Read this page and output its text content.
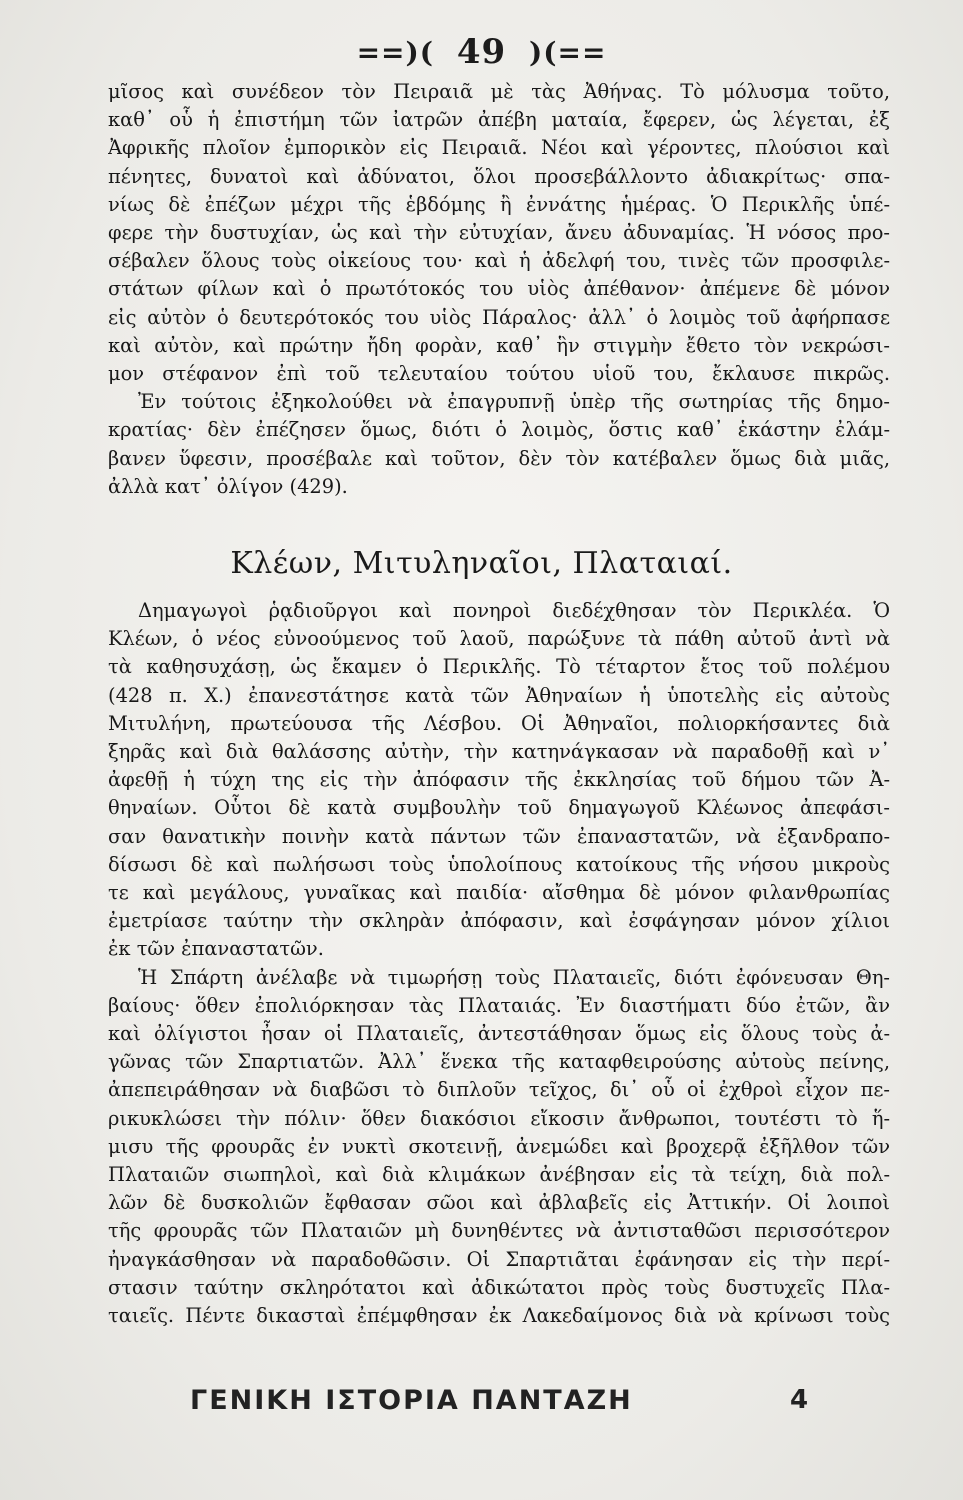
==)( 49 )(==
μῖσος καὶ συνέδεον τὸν Πειραιᾶ μὲ τὰς Ἀθήνας. Τὸ μόλυσμα τοῦτο,
καθ᾽ οὗ ἡ ἐπιστήμη τῶν ἰατρῶν ἀπέβη ματαία, ἔφερεν, ὡς λέγεται, ἐξ
Ἀφρικῆς πλοῖον ἐμπορικὸν εἰς Πειραιᾶ. Νέοι καὶ γέροντες, πλούσιοι καὶ
πένητες, δυνατοὶ καὶ ἀδύνατοι, ὅλοι προσεβάλλοντο ἀδιακρίτως· σπα-
νίως δὲ ἐπέζων μέχρι τῆς ἑβδόμης ἢ ἐννάτης ἡμέρας. Ὁ Περικλῆς ὑπέ-
φερε τὴν δυστυχίαν, ὡς καὶ τὴν εὐτυχίαν, ἄνευ ἀδυναμίας. Ἡ νόσος προ-
σέβαλεν ὅλους τοὺς οἰκείους του· καὶ ἡ ἀδελφή του, τινὲς τῶν προσφιλε-
στάτων φίλων καὶ ὁ πρωτότοκός του υἱὸς ἀπέθανον· ἀπέμενε δὲ μόνον
εἰς αὐτὸν ὁ δευτερότοκός του υἱὸς Πάραλος· ἀλλ᾽ ὁ λοιμὸς τοῦ ἀφήρπασε
καὶ αὐτὸν, καὶ πρώτην ἤδη φορὰν, καθ᾽ ἣν στιγμὴν ἔθετο τὸν νεκρώσι-
μον στέφανον ἐπὶ τοῦ τελευταίου τούτου υἱοῦ του, ἔκλαυσε πικρῶς.
Ἐν τούτοις ἐξηκολούθει νὰ ἐπαγρυπνῇ ὑπὲρ τῆς σωτηρίας τῆς δημο-
κρατίας· δὲν ἐπέζησεν ὅμως, διότι ὁ λοιμὸς, ὅστις καθ᾽ ἑκάστην ἐλάμ-
βανεν ὕφεσιν, προσέβαλε καὶ τοῦτον, δὲν τὸν κατέβαλεν ὅμως διὰ μιᾶς,
ἀλλὰ κατ᾽ ὀλίγον (429).
Κλέων, Μιτυληναῖοι, Πλαταιαί.
Δημαγωγοὶ ῥᾳδιοῦργοι καὶ πονηροὶ διεδέχθησαν τὸν Περικλέα. Ὁ
Κλέων, ὁ νέος εὐνοούμενος τοῦ λαοῦ, παρώξυνε τὰ πάθη αὐτοῦ ἀντὶ νὰ
τὰ καθησυχάσῃ, ὡς ἔκαμεν ὁ Περικλῆς. Τὸ τέταρτον ἔτος τοῦ πολέμου
(428 π. Χ.) ἐπανεστάτησε κατὰ τῶν Ἀθηναίων ἡ ὑποτελὴς εἰς αὐτοὺς
Μιτυλήνη, πρωτεύουσα τῆς Λέσβου. Οἱ Ἀθηναῖοι, πολιορκήσαντες διὰ
ξηρᾶς καὶ διὰ θαλάσσης αὐτὴν, τὴν κατηνάγκασαν νὰ παραδοθῇ καὶ ν᾽
ἀφεθῇ ἡ τύχη της εἰς τὴν ἀπόφασιν τῆς ἐκκλησίας τοῦ δήμου τῶν Ἀ-
θηναίων. Οὗτοι δὲ κατὰ συμβουλὴν τοῦ δημαγωγοῦ Κλέωνος ἀπεφάσι-
σαν θανατικὴν ποινὴν κατὰ πάντων τῶν ἐπαναστατῶν, νὰ ἐξανδραπο-
δίσωσι δὲ καὶ πωλήσωσι τοὺς ὑπολοίπους κατοίκους τῆς νήσου μικροὺς
τε καὶ μεγάλους, γυναῖκας καὶ παιδία· αἴσθημα δὲ μόνον φιλανθρωπίας
ἐμετρίασε ταύτην τὴν σκληρὰν ἀπόφασιν, καὶ ἐσφάγησαν μόνον χίλιοι
ἐκ τῶν ἐπαναστατῶν.
Ἡ Σπάρτη ἀνέλαβε νὰ τιμωρήσῃ τοὺς Πλαταιεῖς, διότι ἐφόνευσαν Θη-
βαίους· ὅθεν ἐπολιόρκησαν τὰς Πλαταιάς. Ἐν διαστήματι δύο ἐτῶν, ἂν
καὶ ὀλίγιστοι ἦσαν οἱ Πλαταιεῖς, ἀντεστάθησαν ὅμως εἰς ὅλους τοὺς ἀ-
γῶνας τῶν Σπαρτιατῶν. Ἀλλ᾽ ἕνεκα τῆς καταφθειρούσης αὐτοὺς πείνης,
ἀπεπειράθησαν νὰ διαβῶσι τὸ διπλοῦν τεῖχος, δι᾽ οὗ οἱ ἐχθροὶ εἶχον πε-
ρικυκλώσει τὴν πόλιν· ὅθεν διακόσιοι εἴκοσιν ἄνθρωποι, τουτέστι τὸ ἥ-
μισυ τῆς φρουρᾶς ἐν νυκτὶ σκοτεινῇ, ἀνεμώδει καὶ βροχερᾷ ἐξῆλθον τῶν
Πλαταιῶν σιωπηλοὶ, καὶ διὰ κλιμάκων ἀνέβησαν εἰς τὰ τείχη, διὰ πολ-
λῶν δὲ δυσκολιῶν ἔφθασαν σῶοι καὶ ἀβλαβεῖς εἰς Ἀττικήν. Οἱ λοιποὶ
τῆς φρουρᾶς τῶν Πλαταιῶν μὴ δυνηθέντες νὰ ἀντισταθῶσι περισσότερον
ἠναγκάσθησαν νὰ παραδοθῶσιν. Οἱ Σπαρτιᾶται ἐφάνησαν εἰς τὴν περί-
στασιν ταύτην σκληρότατοι καὶ ἀδικώτατοι πρὸς τοὺς δυστυχεῖς Πλα-
ταιεῖς. Πέντε δικασταὶ ἐπέμφθησαν ἐκ Λακεδαίμονος διὰ νὰ κρίνωσι τοὺς
ΓΕΝΙΚΗ ΙΣΤΟΡΙΑ ΠΑΝΤΑΖΗ	4
